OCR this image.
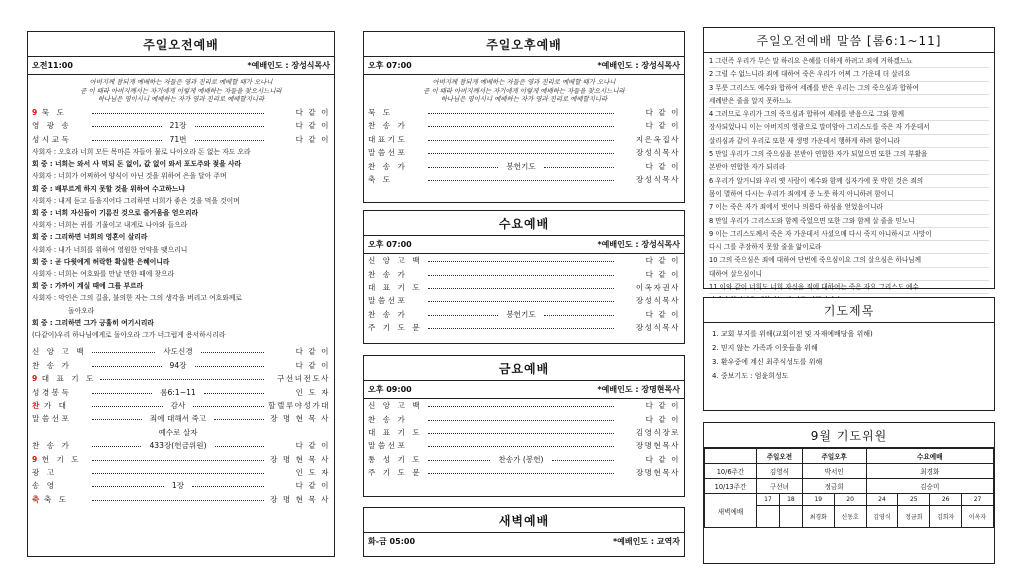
주일오전예배
오전11:00	*예배인도 : 장성식목사
아버지께 참되게 예배하는 자들은 영과 진리로 예배할 때가 오나니
곧 이 때라 아버지께서는 자기에게 이렇게 예배하는 자들을 찾으시느니라
하나님은 영이시니 예배하는 자가 영과 진리로 예배할지니라
9 묵 도	다 같 이
영 광 송	21장	다 같 이
성시교독	71번	다 같 이
사회자 : 오호라 너희 모든 목마른 자들아 물로 나아오라 돈 없는 자도 오라
회 중 : 너희는 와서 사 먹되 돈 없이, 값 없이 와서 포도주와 젖을 사라
사회자 : 너희가 어찌하여 양식이 아닌 것을 위하여 은을 달아 주며
회 중 : 배부르게 하지 못할 것을 위하여 수고하느냐
사회자 : 내게 듣고 들을지어다 그리하면 너희가 좋은 것을 먹을 것이며
회 중 : 너희 자신들이 기름진 것으로 즐거움을 얻으리라
사회자 : 너희는 귀를 기울이고 내게로 나아와 들으라
회 중 : 그리하면 너희의 영혼이 살리라
사회자 : 내가 너희를 위하여 영원한 언약을 맺으리니
회 중 : 곧 다윗에게 허락한 확실한 은혜이니라
사회자 : 너희는 여호와를 만날 만한 때에 찾으라
회 중 : 가까이 계실 때에 그를 부르라
사회자 : 악인은 그의 길을, 불의한 자는 그의 생각을 버리고 여호와께로
돌아오라
회 중 : 그리하면 그가 긍휼히 여기시리라
(다같이)우리 하나님에게로 돌아오라 그가 너그럽게 용서하시리라
신 앙 고 백	사도신경	다 같 이
찬 송 가	94장	다 같 이
9 대 표 기 도	구선녀전도사
성경봉독	롬6:1~11	인 도 자
찬 가 대	감사	할렐루야성가대
말씀선포	죄에 대해서 죽고	장 명 현 목 사
예수로 살자
찬 송 가	433장(헌금위원)	다 같 이
9 헌 기 도	장 명 현 목 사
광 고	인 도 자
송 영	1장	다 같 이
축 축 도	장 명 현 목 사
주일오후예배
오후 07:00	*예배인도 : 장성식목사
아버지께 참되게 예배하는 자들은 영과 진리로 예배할 때가 오나니
곧 이 때라 아버지께서는 자기에게 이렇게 예배하는 자들을 찾으시느니라
하나님은 영이시니 예배하는 자가 영과 진리로 예배할지니라
묵 도	다 같 이
찬 송 가	다 같 이
대표기도	지은옥집사
말씀선포	장성식목사
찬 송 가	봉헌기도	다 같 이
축 도	장성식목사
수요예배
오후 07:00	*예배인도 : 장성식목사
신 앙 고 백	다 같 이
찬 송 가	다 같 이
대 표 기 도	이옥자권사
말씀선포	장성식목사
찬 송 가	봉헌기도	다 같 이
주 기 도 문	장성식목사
금요예배
오후 09:00	*예배인도 : 장명현목사
신 앙 고 백	다 같 이
찬 송 가	다 같 이
대 표 기 도	김영식장로
말씀선포	장명현목사
통 성 기 도	찬송가 (봉헌)	다 같 이
주 기 도 문	장명현목사
새벽예배
화-금 05:00	*예배인도 : 교역자
주일오전예배 말씀 [롬6:1~11]
1 그런즉 우리가 무슨 말 하리요 은혜를 더하게 하려고 죄에 거하겠느뇨
2 그럴 수 없느니라 죄에 대하여 죽은 우리가 어찌 그 가운데 더 살리요
3 무릇 그리스도 예수와 합하여 세례를 받은 우리는 그의 죽으심과 합하여
세례받은 줄을 알지 못하느뇨
4 그러므로 우리가 그의 죽으심과 합하여 세례를 받음으로 그와 함께
장사되었나니 이는 아버지의 영광으로 말미암아 그리스도를 죽은 자 가운데서
살리심과 같이 우리로 또한 새 생명 가운데서 행하게 하려 함이니라
5 만일 우리가 그의 죽으심을 본받아 연합한 자가 되었으면 또한 그의 부활을
본받아 연합한 자가 되리라
6 우리가 알거니와 우리 옛 사람이 예수와 함께 십자가에 못 박힌 것은 죄의
몸이 멸하여 다시는 우리가 죄에게 종 노릇 하지 아니하려 함이니
7 이는 죽은 자가 죄에서 벗어나 의롭다 하심을 얻었음이니라
8 만일 우리가 그리스도와 함께 죽었으면 또한 그와 함께 살 줄을 믿노니
9 이는 그리스도께서 죽은 자 가운데서 사셨으매 다시 죽지 아니하시고 사망이
다시 그를 주장하지 못할 줄을 앎이로라
10 그의 죽으심은 죄에 대하여 단번에 죽으심이요 그의 살으심은 하나님께
대하여 살으심이니
11 이와 같이 너희도 너희 자신을 죄에 대하여는 죽은 자요 그리스도 예수
기도제목
1. 교회 부지를 위해(교회이전 및 자재예배당을 위해)
2. 믿지 않는 가족과 이웃들을 위해
3. 환우중에 계신 최주식성도를 위해
4. 중보기도 : 엄윤희성도
9월 기도위원
	주일오전		주일오후		수요예배			
10/6주간	김영식		박서인		최경화			
10/13주간	구선녀		정금희		김승미			
새벽예배	17	18	19	20	24	25	26	27
			최경화	신동호	김영식	정금희	김희자	이옥자
